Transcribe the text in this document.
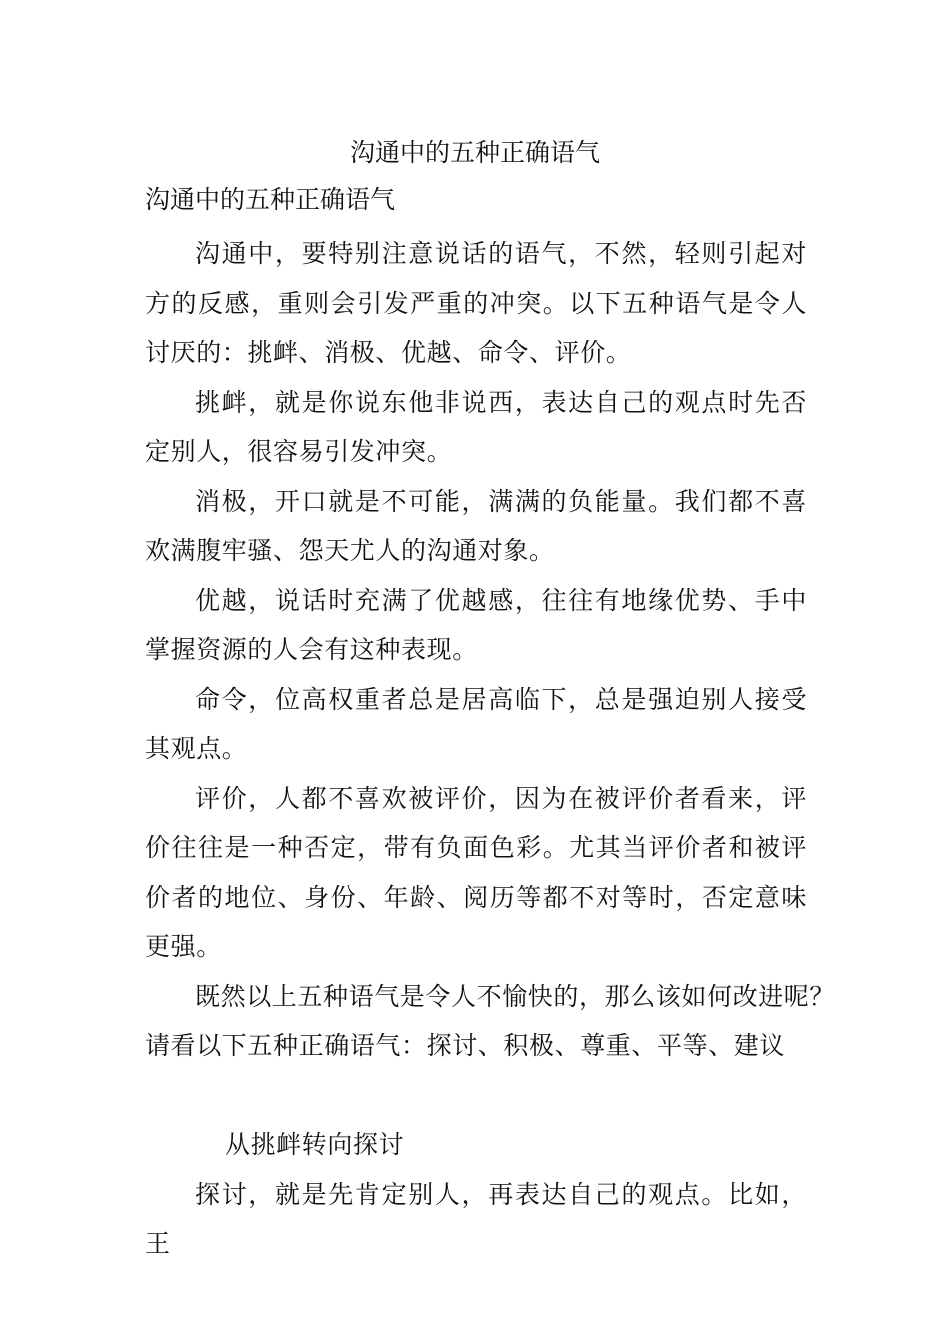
沟通中的五种正确语气

沟通中的五种正确语气

沟通中，要特别注意说话的语气，不然，轻则引起对方的反感，重则会引发严重的冲突。以下五种语气是令人讨厌的：挑衅、消极、优越、命令、评价。

挑衅，就是你说东他非说西，表达自己的观点时先否定别人，很容易引发冲突。

消极，开口就是不可能，满满的负能量。我们都不喜欢满腹牢骚、怨天尤人的沟通对象。

优越，说话时充满了优越感，往往有地缘优势、手中掌握资源的人会有这种表现。

命令，位高权重者总是居高临下，总是强迫别人接受其观点。

评价，人都不喜欢被评价，因为在被评价者看来，评价往往是一种否定，带有负面色彩。尤其当评价者和被评价者的地位、身份、年龄、阅历等都不对等时，否定意味更强。

既然以上五种语气是令人不愉快的，那么该如何改进呢？请看以下五种正确语气：探讨、积极、尊重、平等、建议

从挑衅转向探讨

探讨，就是先肯定别人，再表达自己的观点。比如，王
